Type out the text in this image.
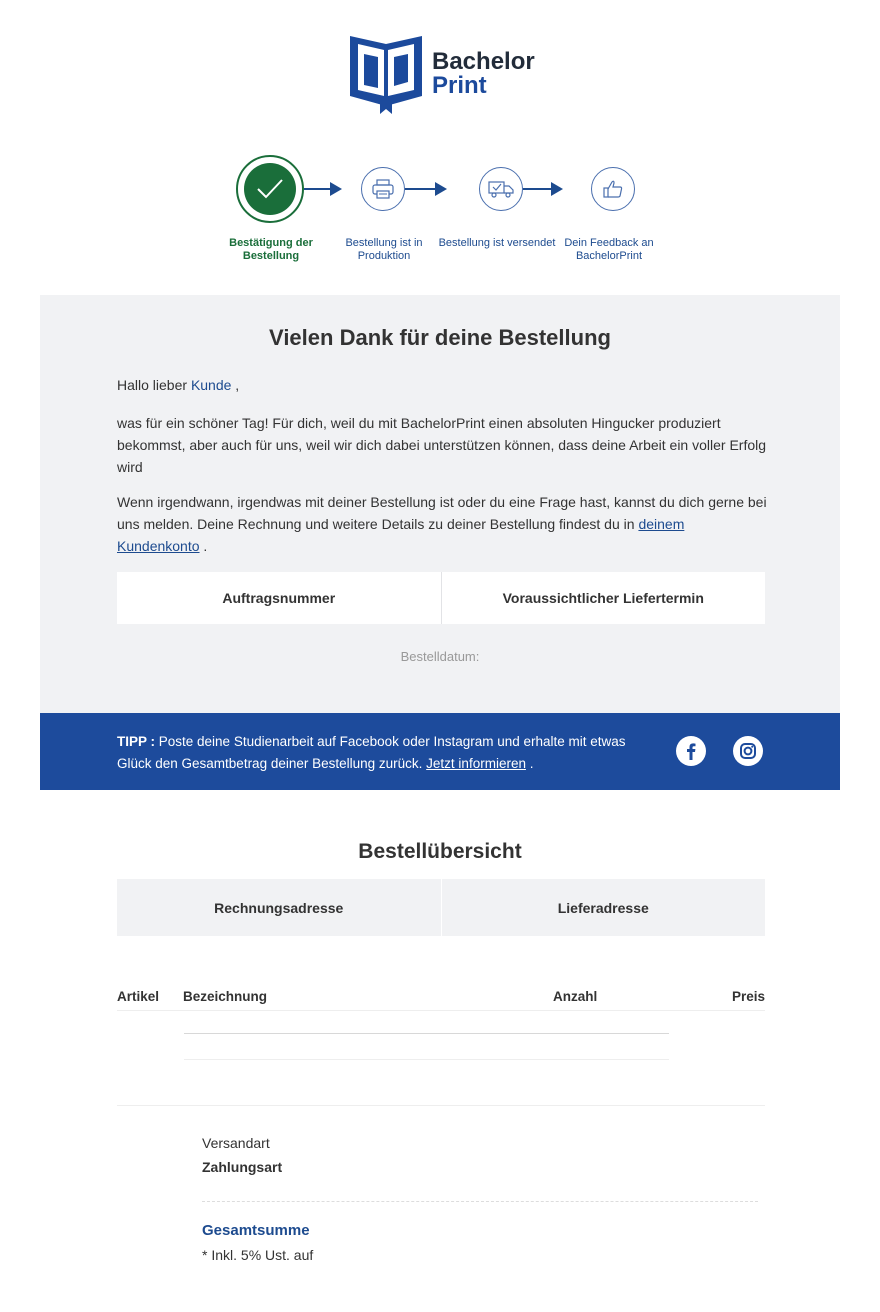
Bachelor
Print
Bestätigung der Bestellung
Bestellung ist in Produktion
Bestellung ist versendet Dein Feedback an BachelorPrint
Vielen Dank für deine Bestellung
Hallo lieber Kunde ,
was für ein schöner Tag! Für dich, weil du mit BachelorPrint einen absoluten Hingucker produziert bekommst, aber auch für uns, weil wir dich dabei unterstützen können, dass deine Arbeit ein voller Erfolg wird
Wenn irgendwann, irgendwas mit deiner Bestellung ist oder du eine Frage hast, kannst du dich gerne bei uns melden. Deine Rechnung und weitere Details zu deiner Bestellung findest du in deinem Kundenkonto .
Auftragsnummer	Voraussichtlicher Liefertermin
Bestelldatum:
TIPP : Poste deine Studienarbeit auf Facebook oder Instagram und erhalte mit etwas Glück den Gesamtbetrag deiner Bestellung zurück. Jetzt informieren .
Bestellübersicht
Rechnungsadresse	Lieferadresse
Artikel Bezeichnung	Anzahl	Preis
Versandart
Zahlungsart
Gesamtsumme
* Inkl. 5% Ust. auf
